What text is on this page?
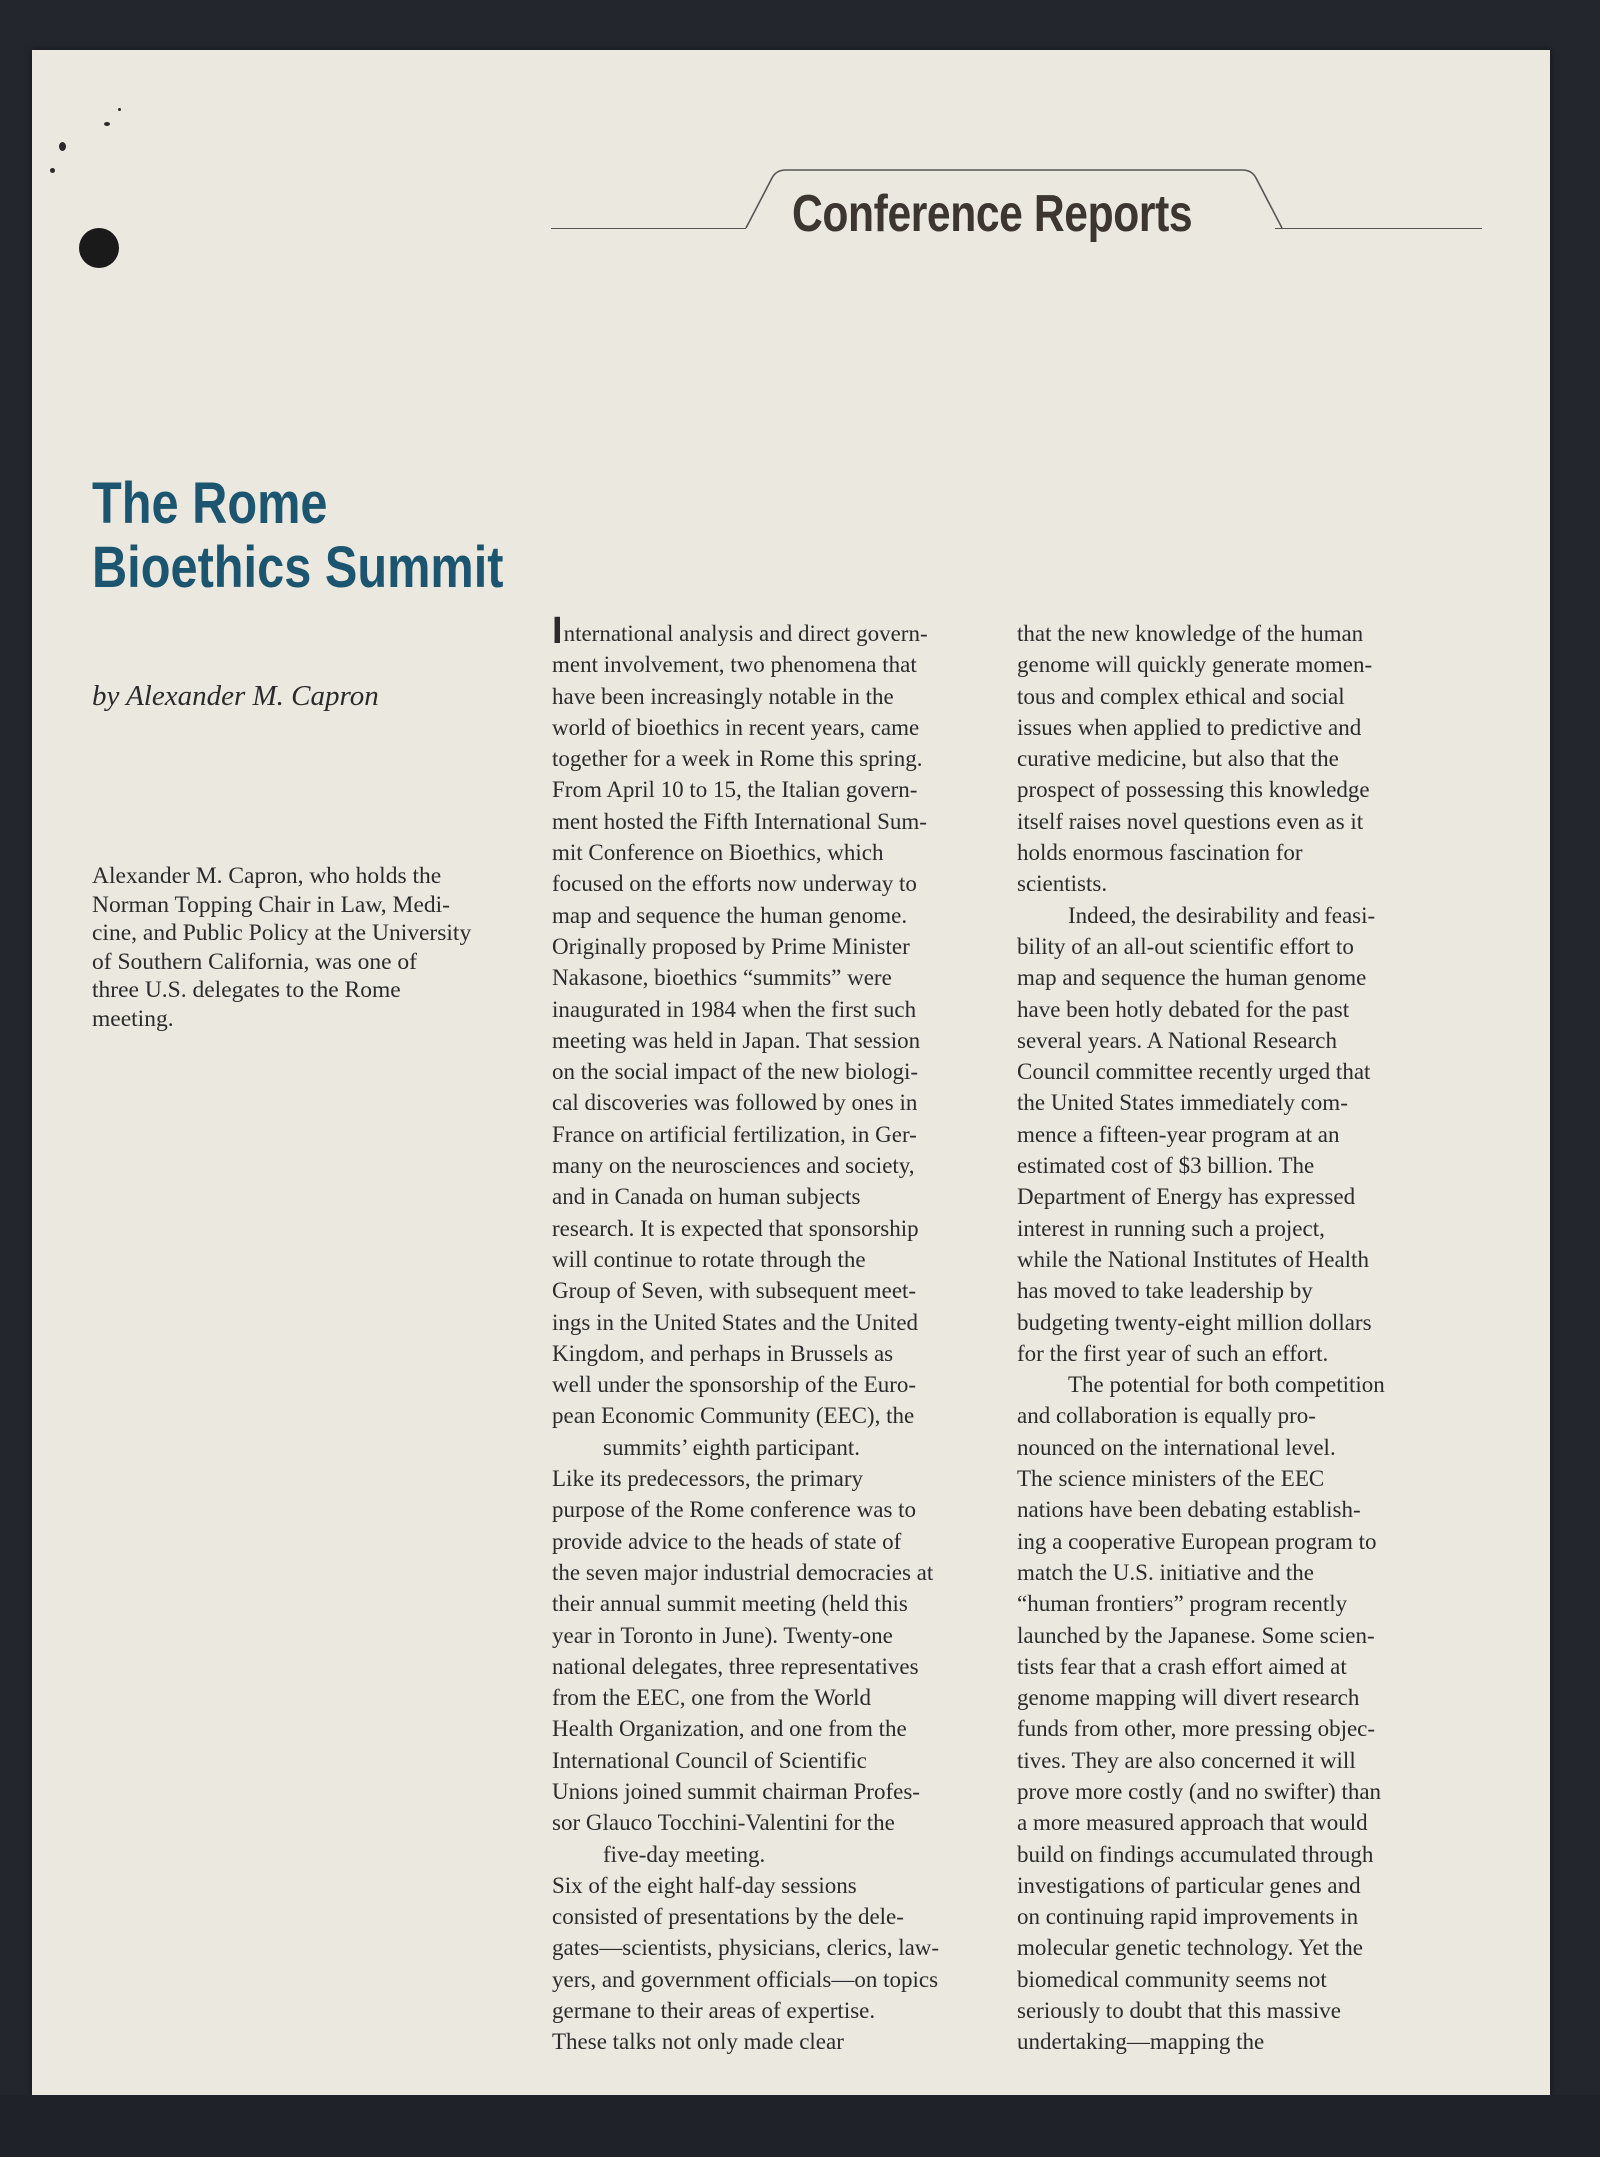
Conference Reports
The Rome
Bioethics Summit
by Alexander M. Capron
Alexander M. Capron, who holds the
Norman Topping Chair in Law, Medi-
cine, and Public Policy at the University
of Southern California, was one of
three U.S. delegates to the Rome
meeting.
International analysis and direct govern-
ment involvement, two phenomena that
have been increasingly notable in the
world of bioethics in recent years, came
together for a week in Rome this spring.
From April 10 to 15, the Italian govern-
ment hosted the Fifth International Sum-
mit Conference on Bioethics, which
focused on the efforts now underway to
map and sequence the human genome.
Originally proposed by Prime Minister
Nakasone, bioethics “summits” were
inaugurated in 1984 when the first such
meeting was held in Japan. That session
on the social impact of the new biologi-
cal discoveries was followed by ones in
France on artificial fertilization, in Ger-
many on the neurosciences and society,
and in Canada on human subjects
research. It is expected that sponsorship
will continue to rotate through the
Group of Seven, with subsequent meet-
ings in the United States and the United
Kingdom, and perhaps in Brussels as
well under the sponsorship of the Euro-
pean Economic Community (EEC), the
summits’ eighth participant.
Like its predecessors, the primary
purpose of the Rome conference was to
provide advice to the heads of state of
the seven major industrial democracies at
their annual summit meeting (held this
year in Toronto in June). Twenty-one
national delegates, three representatives
from the EEC, one from the World
Health Organization, and one from the
International Council of Scientific
Unions joined summit chairman Profes-
sor Glauco Tocchini-Valentini for the
five-day meeting.
Six of the eight half-day sessions
consisted of presentations by the dele-
gates—scientists, physicians, clerics, law-
yers, and government officials—on topics
germane to their areas of expertise.
These talks not only made clear
that the new knowledge of the human
genome will quickly generate momen-
tous and complex ethical and social
issues when applied to predictive and
curative medicine, but also that the
prospect of possessing this knowledge
itself raises novel questions even as it
holds enormous fascination for
scientists.
Indeed, the desirability and feasi-
bility of an all-out scientific effort to
map and sequence the human genome
have been hotly debated for the past
several years. A National Research
Council committee recently urged that
the United States immediately com-
mence a fifteen-year program at an
estimated cost of $3 billion. The
Department of Energy has expressed
interest in running such a project,
while the National Institutes of Health
has moved to take leadership by
budgeting twenty-eight million dollars
for the first year of such an effort.
The potential for both competition
and collaboration is equally pro-
nounced on the international level.
The science ministers of the EEC
nations have been debating establish-
ing a cooperative European program to
match the U.S. initiative and the
“human frontiers” program recently
launched by the Japanese. Some scien-
tists fear that a crash effort aimed at
genome mapping will divert research
funds from other, more pressing objec-
tives. They are also concerned it will
prove more costly (and no swifter) than
a more measured approach that would
build on findings accumulated through
investigations of particular genes and
on continuing rapid improvements in
molecular genetic technology. Yet the
biomedical community seems not
seriously to doubt that this massive
undertaking—mapping the
